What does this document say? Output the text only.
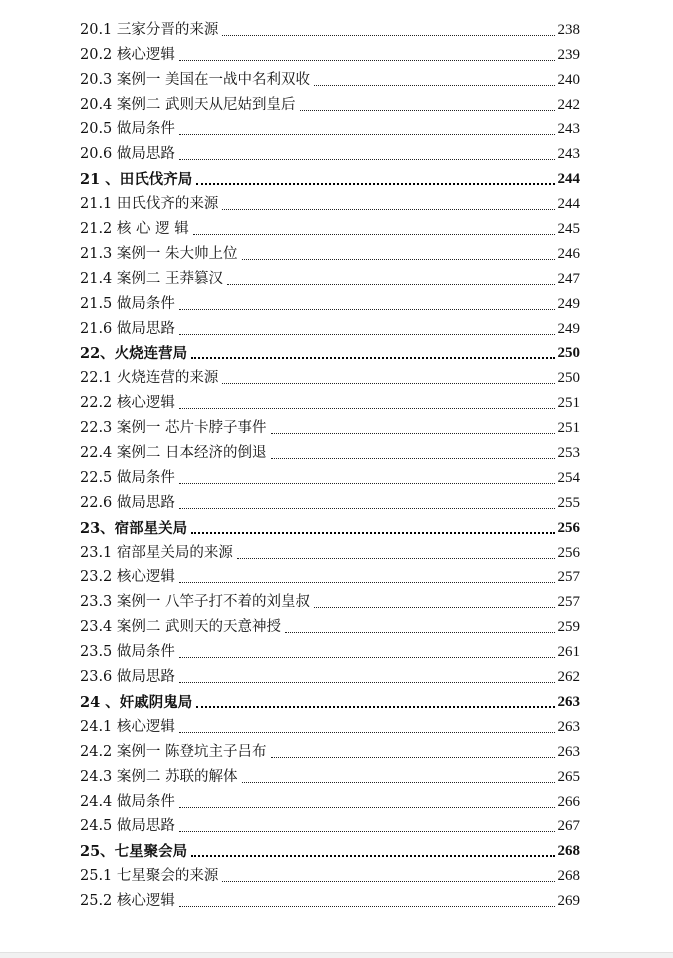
20.1 三家分晋的来源	238
20.2 核心逻辑	239
20.3 案例一 美国在一战中名利双收	240
20.4 案例二 武则天从尼姑到皇后	242
20.5 做局条件	243
20.6 做局思路	243
21 、田氏伐齐局	244
21.1 田氏伐齐的来源	244
21.2 核 心 逻 辑	245
21.3 案例一 朱大帅上位	246
21.4 案例二 王莽篡汉	247
21.5 做局条件	249
21.6 做局思路	249
22、火烧连营局	250
22.1 火烧连营的来源	250
22.2 核心逻辑	251
22.3 案例一 芯片卡脖子事件	251
22.4 案例二 日本经济的倒退	253
22.5 做局条件	254
22.6 做局思路	255
23、宿部星关局	256
23.1 宿部星关局的来源	256
23.2 核心逻辑	257
23.3 案例一 八竿子打不着的刘皇叔	257
23.4 案例二 武则天的天意神授	259
23.5 做局条件	261
23.6 做局思路	262
24 、奸戚阴鬼局	263
24.1 核心逻辑	263
24.2 案例一 陈登坑主子吕布	263
24.3 案例二 苏联的解体	265
24.4 做局条件	266
24.5 做局思路	267
25、七星聚会局	268
25.1 七星聚会的来源	268
25.2 核心逻辑	269
